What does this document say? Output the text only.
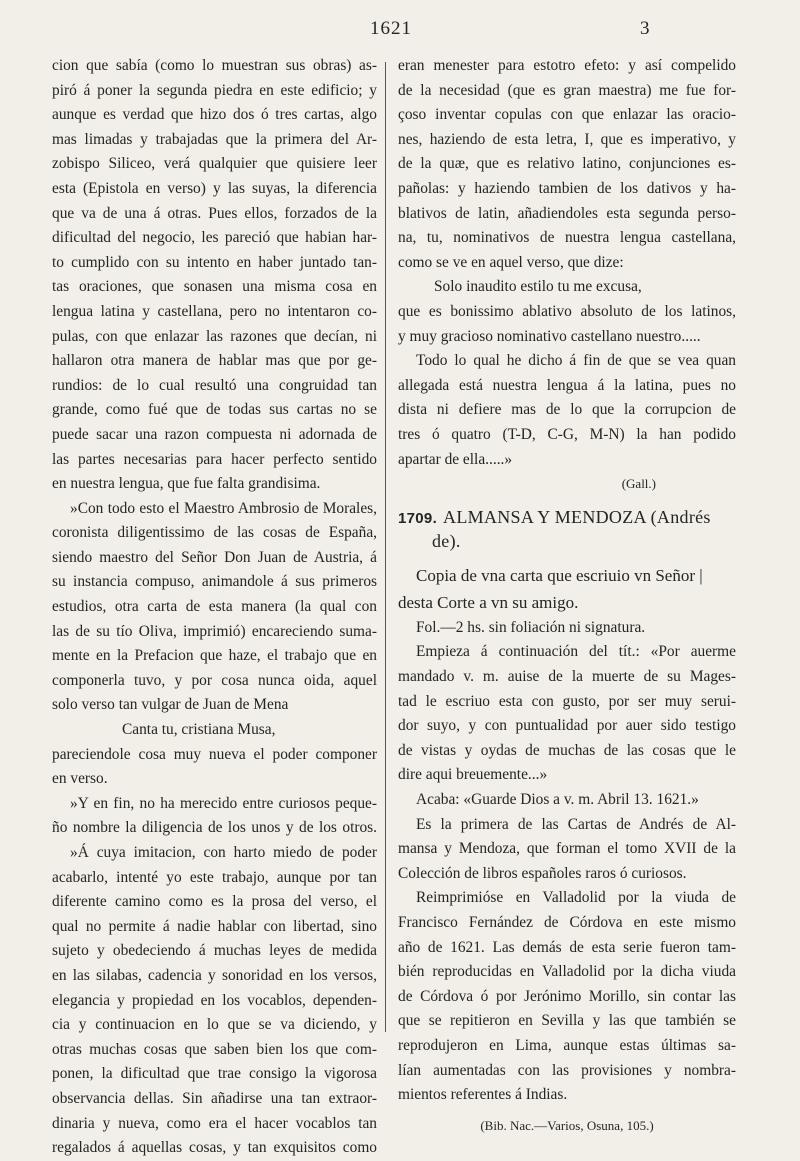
1621	3
cion que sabía (como lo muestran sus obras) as-
piró á poner la segunda piedra en este edificio; y
aunque es verdad que hizo dos ó tres cartas, algo
mas limadas y trabajadas que la primera del Ar-
zobispo Siliceo, verá qualquier que quisiere leer
esta (Epistola en verso) y las suyas, la diferencia
que va de una á otras. Pues ellos, forzados de la
dificultad del negocio, les pareció que habian har-
to cumplido con su intento en haber juntado tan-
tas oraciones, que sonasen una misma cosa en
lengua latina y castellana, pero no intentaron co-
pulas, con que enlazar las razones que decían, ni
hallaron otra manera de hablar mas que por ge-
rundios: de lo cual resultó una congruidad tan
grande, como fué que de todas sus cartas no se
puede sacar una razon compuesta ni adornada de
las partes necesarias para hacer perfecto sentido
en nuestra lengua, que fue falta grandisima.
»Con todo esto el Maestro Ambrosio de Morales,
coronista diligentissimo de las cosas de España,
siendo maestro del Señor Don Juan de Austria, á
su instancia compuso, animandole á sus primeros
estudios, otra carta de esta manera (la qual con
las de su tío Oliva, imprimió) encareciendo suma-
mente en la Prefacion que haze, el trabajo que en
componerla tuvo, y por cosa nunca oida, aquel
solo verso tan vulgar de Juan de Mena
Canta tu, cristiana Musa,
pareciendole cosa muy nueva el poder componer
en verso.
»Y en fin, no ha merecido entre curiosos peque-
ño nombre la diligencia de los unos y de los otros.
»Á cuya imitacion, con harto miedo de poder
acabarlo, intenté yo este trabajo, aunque por tan
diferente camino como es la prosa del verso, el
qual no permite á nadie hablar con libertad, sino
sujeto y obedeciendo á muchas leyes de medida
en las silabas, cadencia y sonoridad en los versos,
elegancia y propiedad en los vocablos, dependen-
cia y continuacion en lo que se va diciendo, y
otras muchas cosas que saben bien los que com-
ponen, la dificultad que trae consigo la vigorosa
observancia dellas. Sin añadirse una tan extraor-
dinaria y nueva, como era el hacer vocablos tan
regalados á aquellas cosas, y tan exquisitos como
eran menester para estotro efeto: y así compelido
de la necesidad (que es gran maestra) me fue for-
çoso inventar copulas con que enlazar las oracio-
nes, haziendo de esta letra, I, que es imperativo, y
de la quæ, que es relativo latino, conjunciones es-
pañolas: y haziendo tambien de los dativos y ha-
blativos de latin, añadiendoles esta segunda perso-
na, tu, nominativos de nuestra lengua castellana,
como se ve en aquel verso, que dize:
Solo inaudito estilo tu me excusa,
que es bonissimo ablativo absoluto de los latinos,
y muy gracioso nominativo castellano nuestro.....
Todo lo qual he dicho á fin de que se vea quan
allegada está nuestra lengua á la latina, pues no
dista ni defiere mas de lo que la corrupcion de
tres ó quatro (T-D, C-G, M-N) la han podido
apartar de ella.....»
(Gall.)
1709. ALMANSA Y MENDOZA (Andrés
de).
Copia de vna carta que escriuio vn Señor |
desta Corte a vn su amigo.
Fol.—2 hs. sin foliación ni signatura.
Empieza á continuación del tít.: «Por auerme
mandado v. m. auise de la muerte de su Mages-
tad le escriuo esta con gusto, por ser muy serui-
dor suyo, y con puntualidad por auer sido testigo
de vistas y oydas de muchas de las cosas que le
dire aqui breuemente...»
Acaba: «Guarde Dios a v. m. Abril 13. 1621.»
Es la primera de las Cartas de Andrés de Al-
mansa y Mendoza, que forman el tomo XVII de la
Colección de libros españoles raros ó curiosos.
Reimprimióse en Valladolid por la viuda de
Francisco Fernández de Córdova en este mismo
año de 1621. Las demás de esta serie fueron tam-
bién reproducidas en Valladolid por la dicha viuda
de Córdova ó por Jerónimo Morillo, sin contar las
que se repitieron en Sevilla y las que también se
reprodujeron en Lima, aunque estas últimas sa-
lían aumentadas con las provisiones y nombra-
mientos referentes á Indias.
(Bib. Nac.—Varios, Osuna, 105.)
